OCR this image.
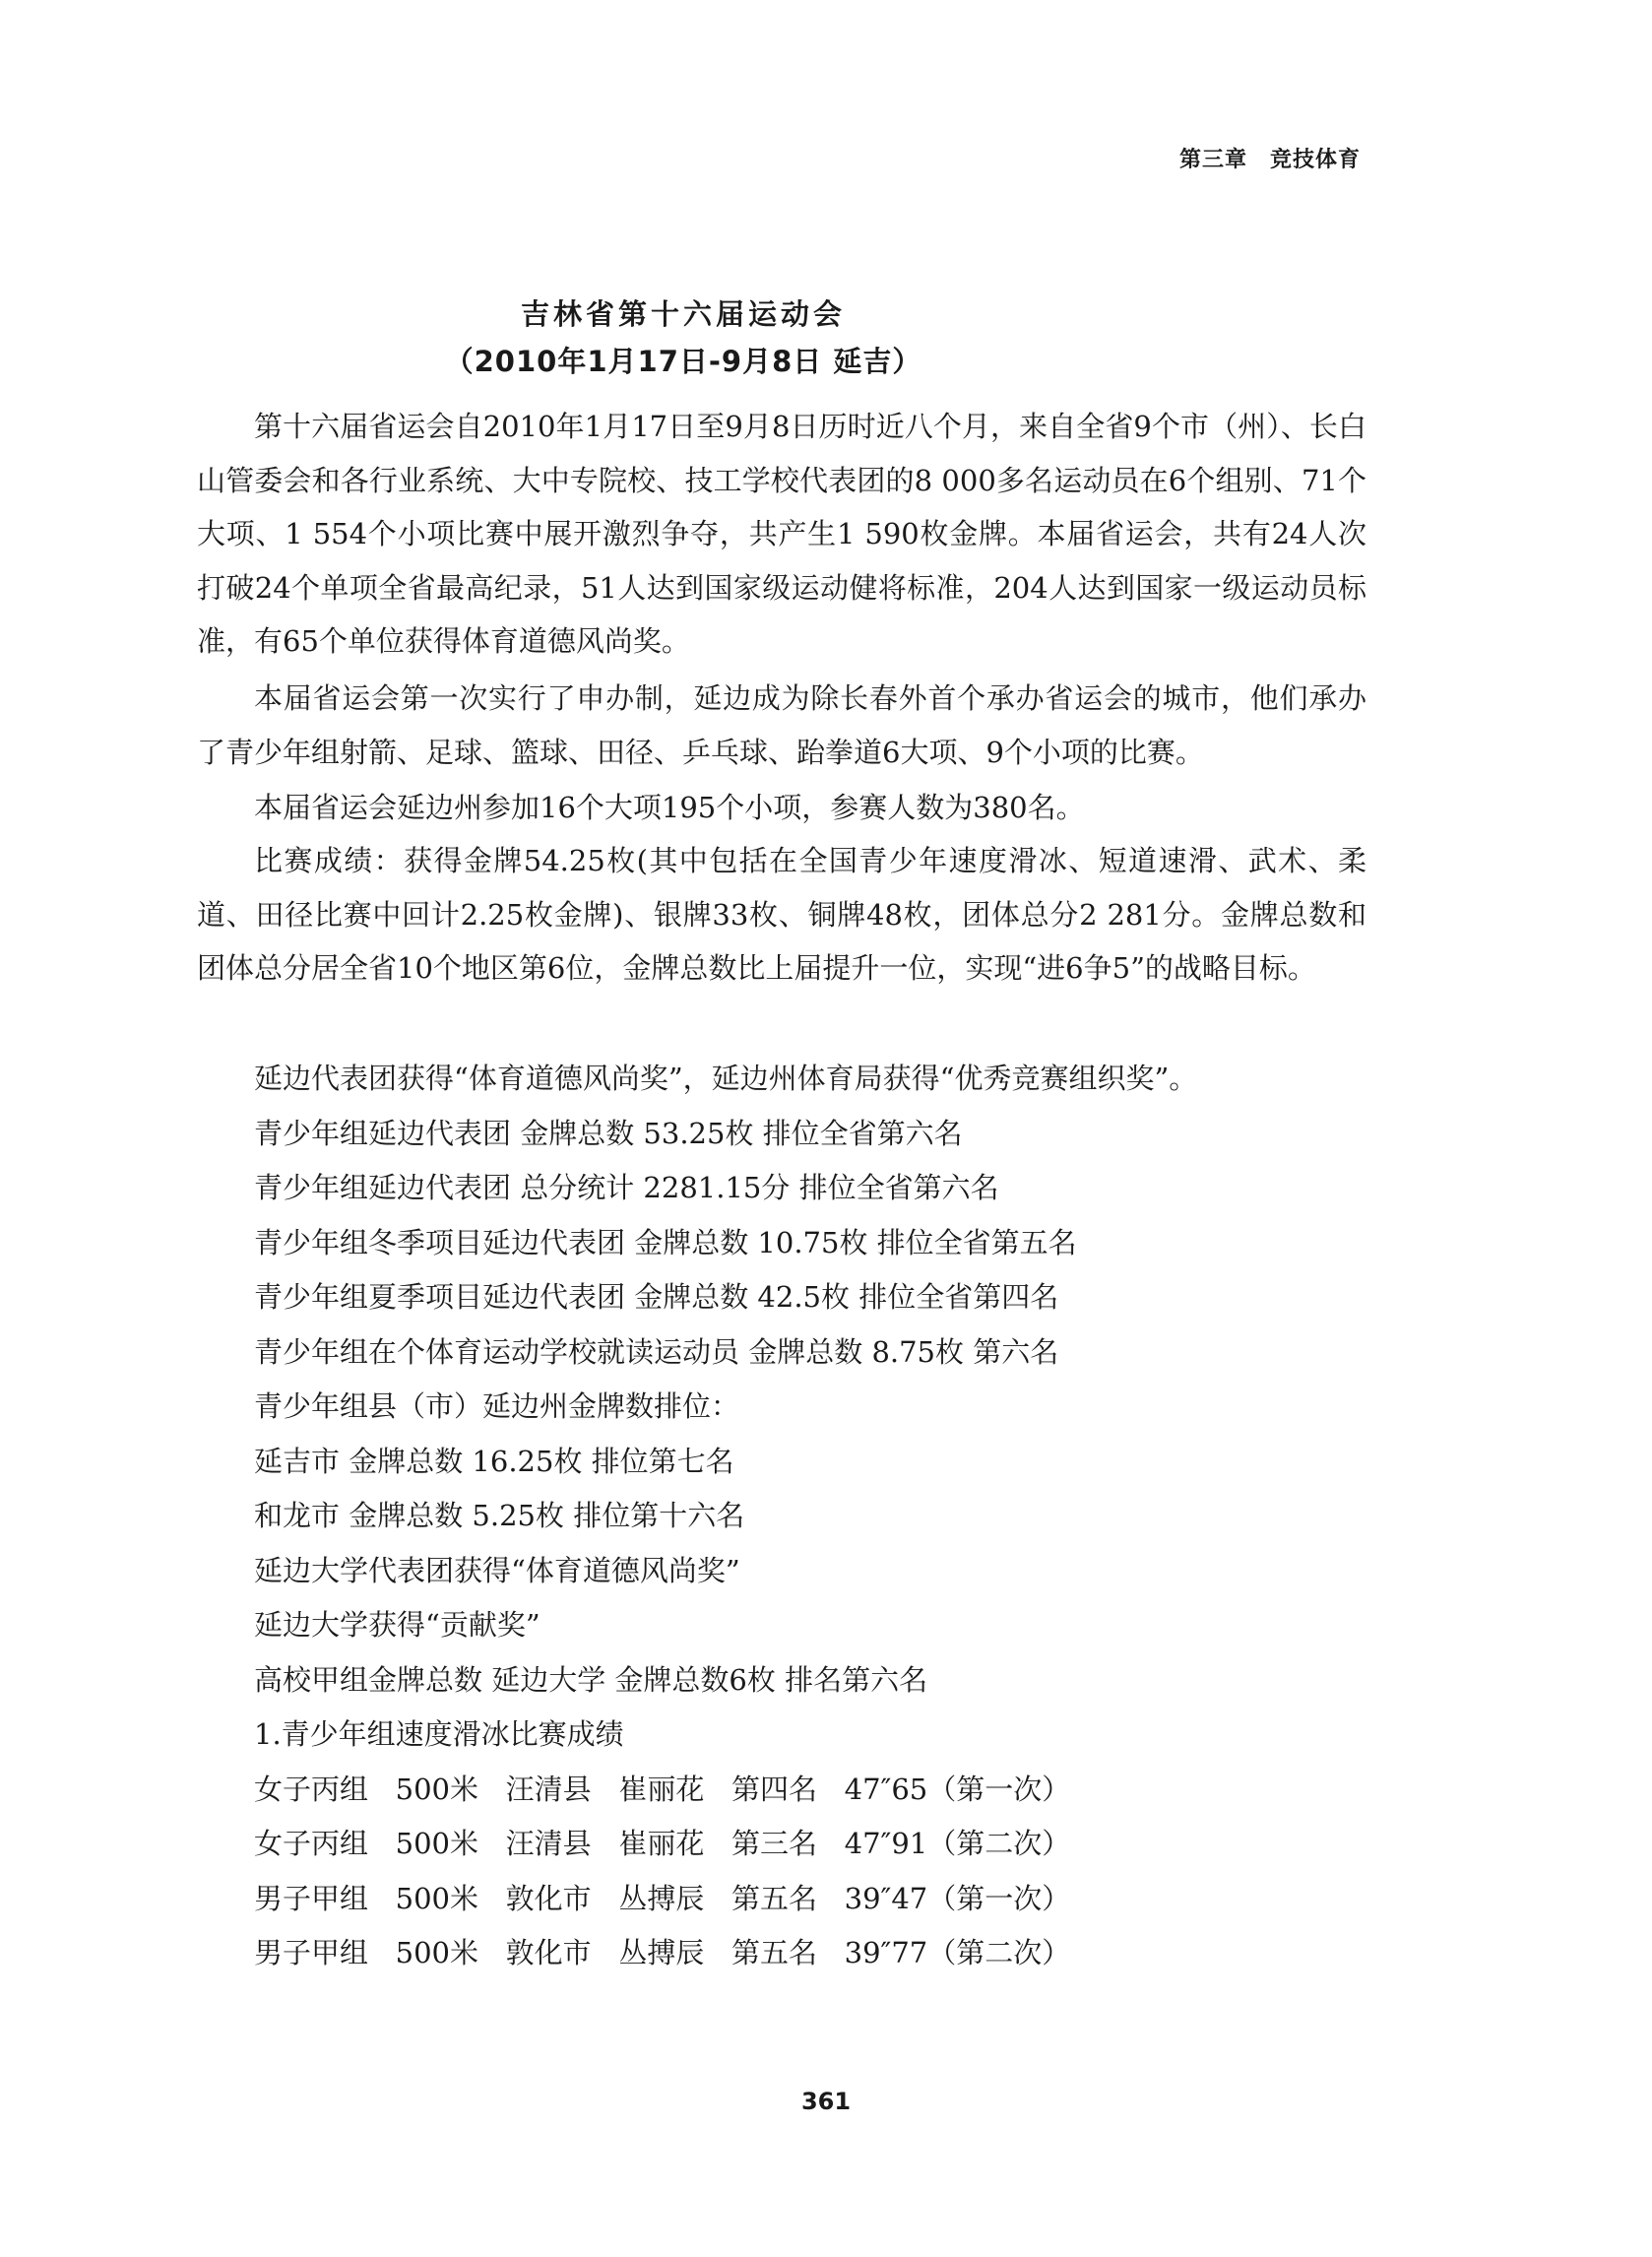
第三章　竞技体育
吉林省第十六届运动会
（2010年1月17日-9月8日 延吉）

第十六届省运会自2010年1月17日至9月8日历时近八个月，来自全省9个市（州）、长白山管委会和各行业系统、大中专院校、技工学校代表团的8 000多名运动员在6个组别、71个大项、1 554个小项比赛中展开激烈争夺，共产生1 590枚金牌。本届省运会，共有24人次打破24个单项全省最高纪录，51人达到国家级运动健将标准，204人达到国家一级运动员标准，有65个单位获得体育道德风尚奖。

本届省运会第一次实行了申办制，延边成为除长春外首个承办省运会的城市，他们承办了青少年组射箭、足球、篮球、田径、乒乓球、跆拳道6大项、9个小项的比赛。

本届省运会延边州参加16个大项195个小项，参赛人数为380名。

比赛成绩：获得金牌54.25枚(其中包括在全国青少年速度滑冰、短道速滑、武术、柔道、田径比赛中回计2.25枚金牌)、银牌33枚、铜牌48枚，团体总分2 281分。金牌总数和团体总分居全省10个地区第6位，金牌总数比上届提升一位，实现“进6争5”的战略目标。

延边代表团获得“体育道德风尚奖”，延边州体育局获得“优秀竞赛组织奖”。
青少年组延边代表团 金牌总数 53.25枚 排位全省第六名
青少年组延边代表团 总分统计 2281.15分 排位全省第六名
青少年组冬季项目延边代表团 金牌总数 10.75枚 排位全省第五名
青少年组夏季项目延边代表团 金牌总数 42.5枚 排位全省第四名
青少年组在个体育运动学校就读运动员 金牌总数 8.75枚 第六名
青少年组县（市）延边州金牌数排位：
延吉市 金牌总数 16.25枚 排位第七名
和龙市 金牌总数 5.25枚 排位第十六名
延边大学代表团获得“体育道德风尚奖”
延边大学获得“贡献奖”
高校甲组金牌总数 延边大学 金牌总数6枚 排名第六名
1.青少年组速度滑冰比赛成绩
女子丙组   500米   汪清县   崔丽花   第四名   47″65（第一次）
女子丙组   500米   汪清县   崔丽花   第三名   47″91（第二次）
男子甲组   500米   敦化市   丛搏辰   第五名   39″47（第一次）
男子甲组   500米   敦化市   丛搏辰   第五名   39″77（第二次）
361
